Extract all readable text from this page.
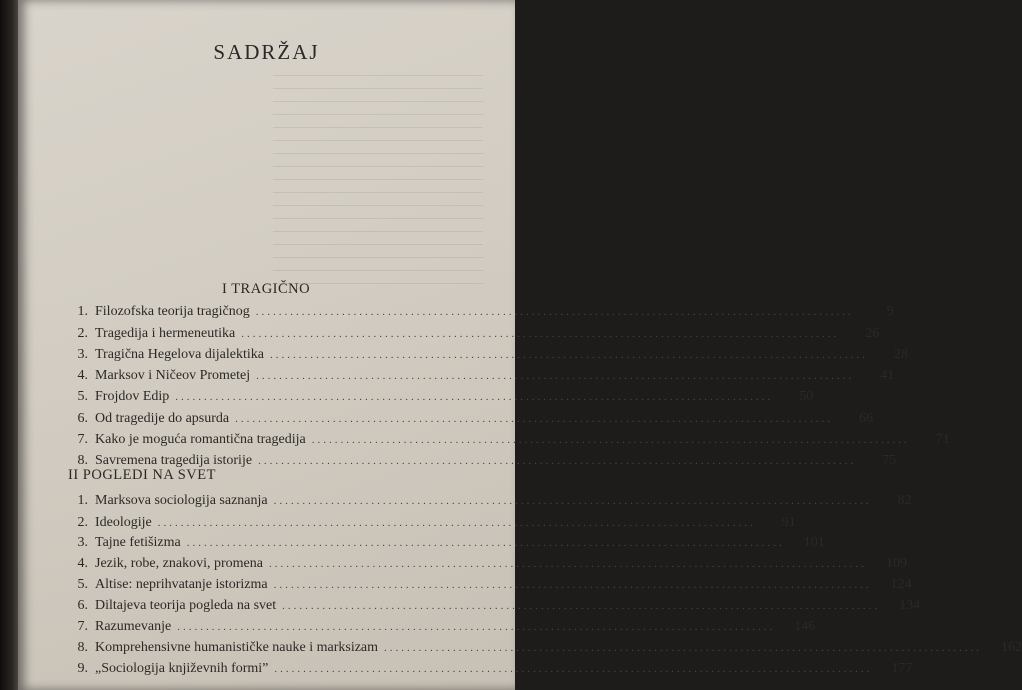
SADRŽAJ
I TRAGIČNO
1. Filozofska teorija tragičnog ........................................................................................................	9
2. Tragedija i hermeneutika ........................................................................................................	26
3. Tragična Hegelova dijalektika ........................................................................................................	28
4. Marksov i Ničeov Prometej ........................................................................................................	41
5. Frojdov Edip ........................................................................................................	50
6. Od tragedije do apsurda ........................................................................................................	66
7. Kako je moguća romantična tragedija ........................................................................................................	71
8. Savremena tragedija istorije ........................................................................................................	75
II POGLEDI NA SVET
1. Marksova sociologija saznanja ........................................................................................................	82
2. Ideologije ........................................................................................................	91
3. Tajne fetišizma ........................................................................................................	101
4. Jezik, robe, znakovi, promena ........................................................................................................	109
5. Altise: neprihvatanje istorizma ........................................................................................................	124
6. Diltajeva teorija pogleda na svet ........................................................................................................	134
7. Razumevanje ........................................................................................................	146
8. Komprehensivne humanističke nauke i marksizam ........................................................................................................	162
9. „Sociologija književnih formi” ........................................................................................................	177
